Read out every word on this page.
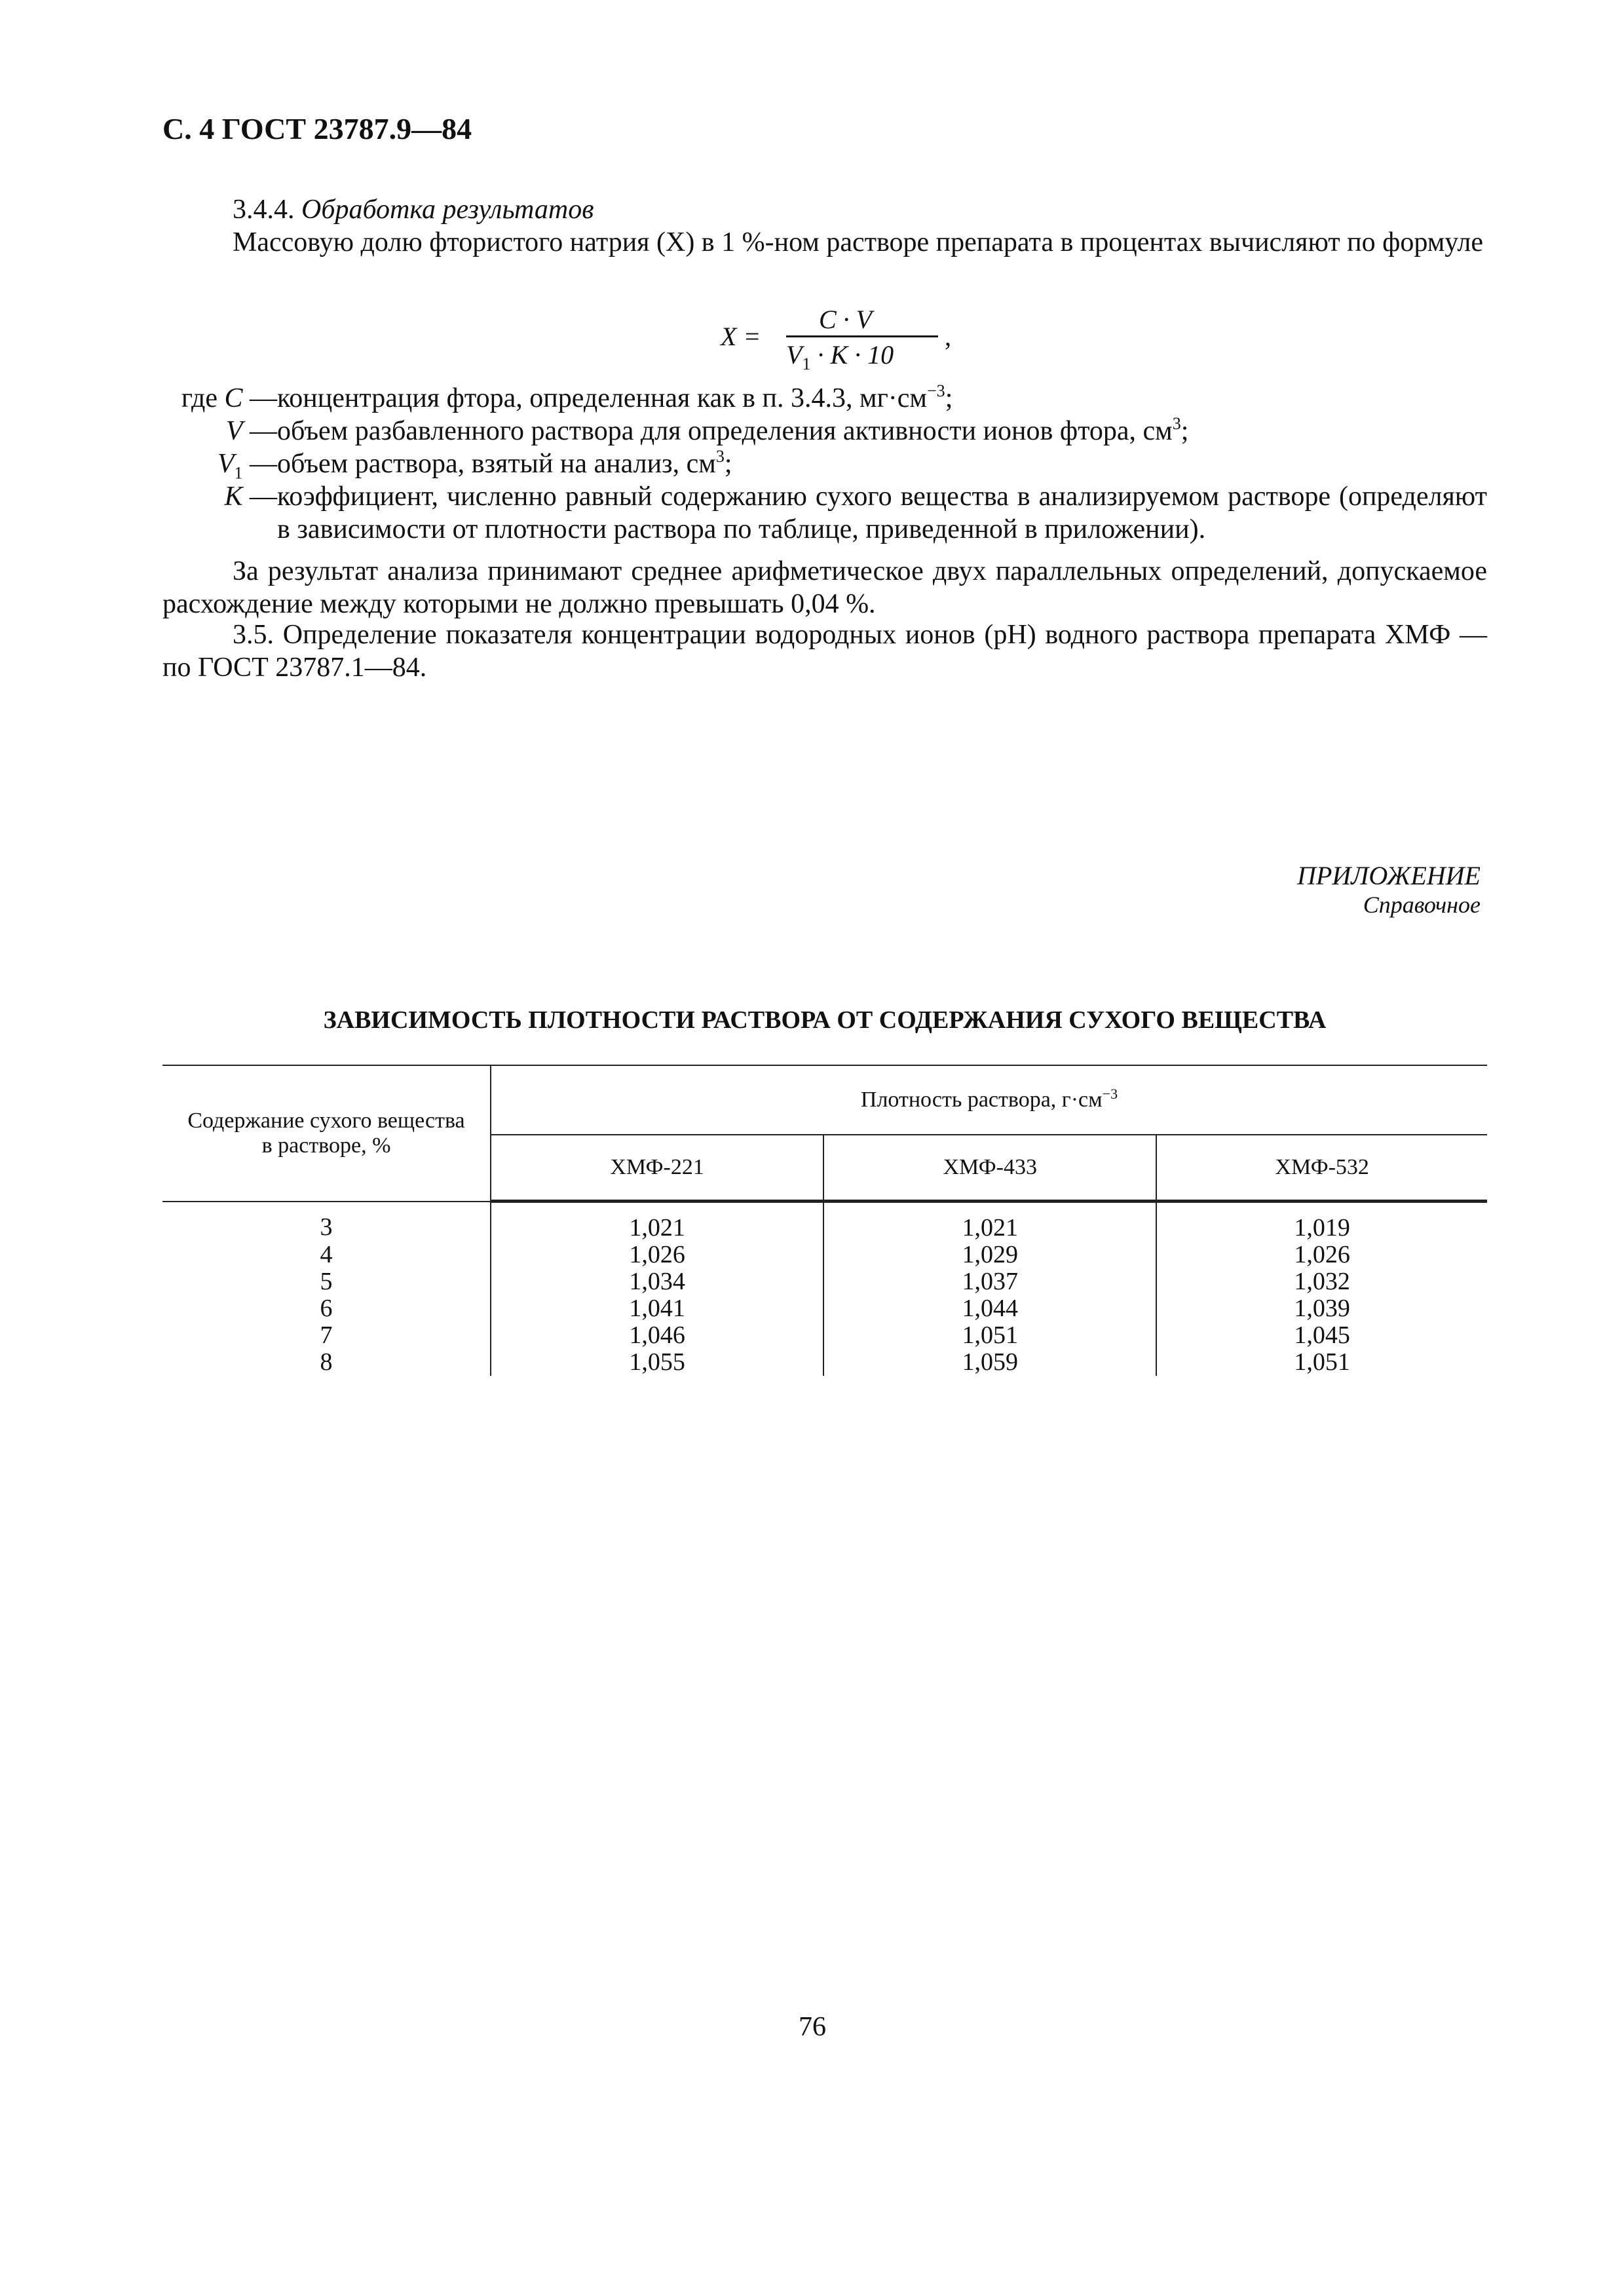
С. 4 ГОСТ 23787.9—84
3.4.4. Обработка результатов
Массовую долю фтористого натрия (X) в 1 %-ном растворе препарата в процентах вычисляют по формуле
X =
C · V
$V_1 \cdot K \cdot 10$
,
где C — концентрация фтора, определенная как в п. 3.4.3, $мг\cdot см^{-3}$;
V — объем разбавленного раствора для определения активности ионов фтора, $см^3$;
$V_1$ — объем раствора, взятый на анализ, $см^3$;
K — коэффициент, численно равный содержанию сухого вещества в анализируемом растворе (определяют в зависимости от плотности раствора по таблице, приведенной в приложении).
За результат анализа принимают среднее арифметическое двух параллельных определений, допускаемое расхождение между которыми не должно превышать 0,04 %.
3.5. Определение показателя концентрации водородных ионов (pH) водного раствора препарата ХМФ — по ГОСТ 23787.1—84.
ПРИЛОЖЕНИЕ
Справочное
ЗАВИСИМОСТЬ ПЛОТНОСТИ РАСТВОРА ОТ СОДЕРЖАНИЯ СУХОГО ВЕЩЕСТВА
Содержание сухого вещества
в растворе, %	Плотность раствора, $г\cdot см^{-3}$
	ХМФ-221	ХМФ-433	ХМФ-532
3	1,021	1,021	1,019
4	1,026	1,029	1,026
5	1,034	1,037	1,032
6	1,041	1,044	1,039
7	1,046	1,051	1,045
8	1,055	1,059	1,051
76
